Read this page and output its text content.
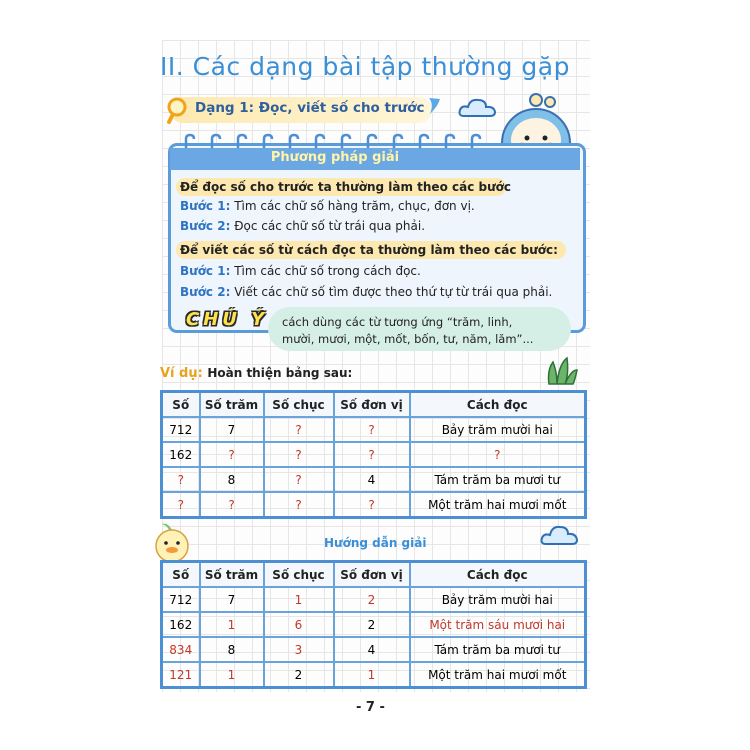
II. Các dạng bài tập thường gặp
Dạng 1: Đọc, viết số cho trước
Phương pháp giải
Để đọc số cho trước ta thường làm theo các bước
Bước 1: Tìm các chữ số hàng trăm, chục, đơn vị.
Bước 2: Đọc các chữ số từ trái qua phải.
Để viết các số từ cách đọc ta thường làm theo các bước:
Bước 1: Tìm các chữ số trong cách đọc.
Bước 2: Viết các chữ số tìm được theo thứ tự từ trái qua phải.
CHÚ Ý cách dùng các từ tương ứng “trăm, linh,
mười, mươi, một, mốt, bốn, tư, năm, lăm”...
Ví dụ: Hoàn thiện bảng sau:
Số	Số trăm	Số chục	Số đơn vị	Cách đọc
712	7	?	?	Bảy trăm mười hai
162	?	?	?	?
?	8	?	4	Tám trăm ba mươi tư
?	?	?	?	Một trăm hai mươi mốt
Hướng dẫn giải
Số	Số trăm	Số chục	Số đơn vị	Cách đọc
712	7	1	2	Bảy trăm mười hai
162	1	6	2	Một trăm sáu mươi hai
834	8	3	4	Tám trăm ba mươi tư
121	1	2	1	Một trăm hai mươi mốt
- 7 -
